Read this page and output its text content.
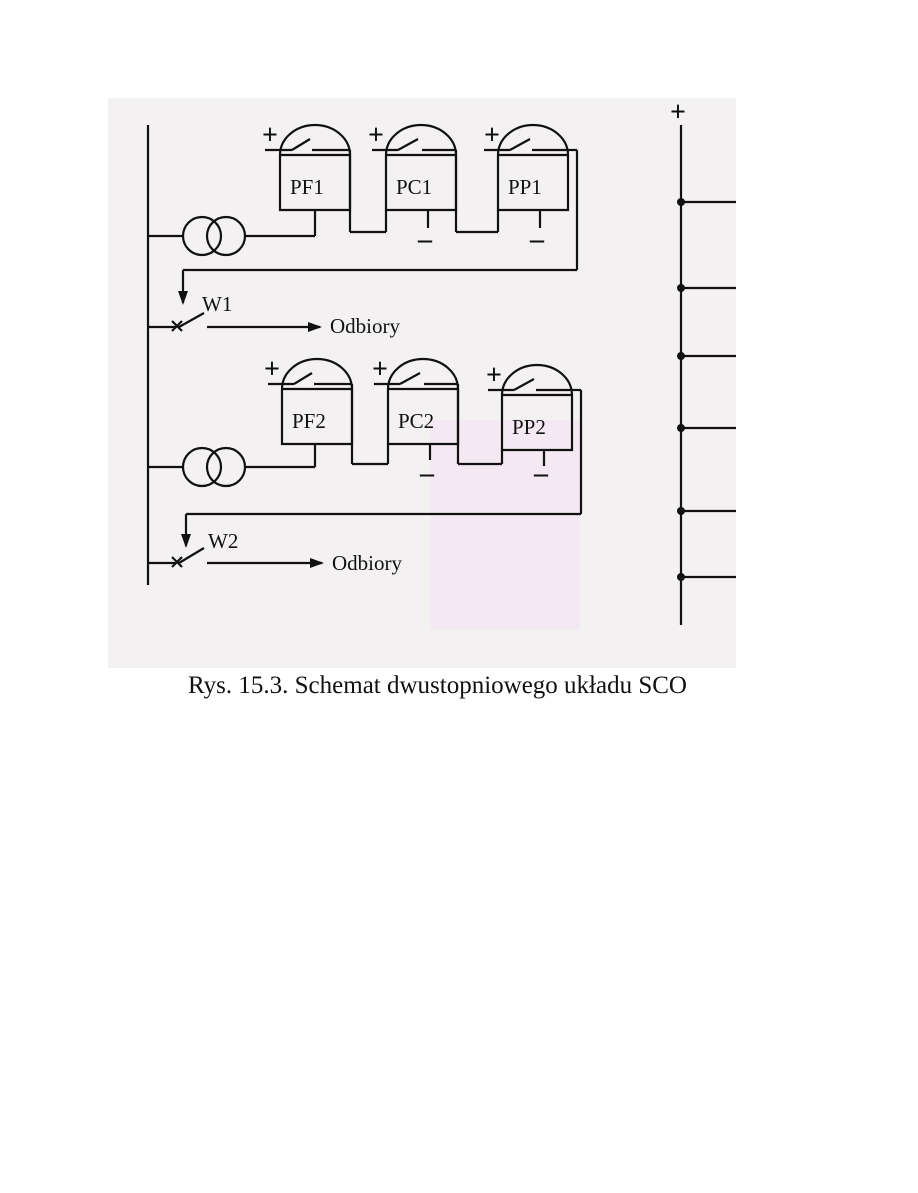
+
+	+	+
–	–
PF1	PC1	PP1
W1
Odbiory
+	+	+
–	–
PF2	PC2	PP2
W2
Odbiory
Rys. 15.3. Schemat dwustopniowego układu SCO
